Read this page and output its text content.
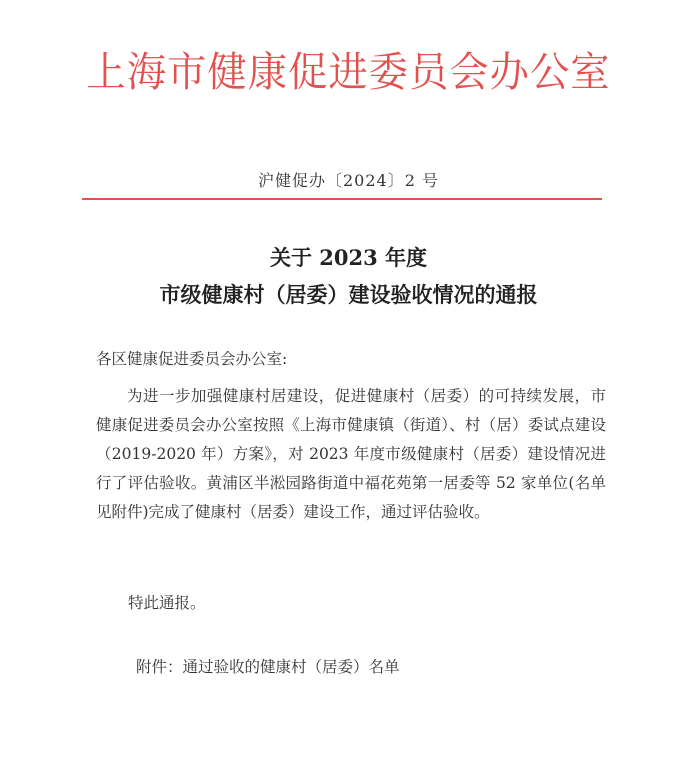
上海市健康促进委员会办公室
沪健促办〔2024〕2 号
关于 2023 年度
市级健康村（居委）建设验收情况的通报
各区健康促进委员会办公室:
为进一步加强健康村居建设，促进健康村（居委）的可持续发展，市健康促进委员会办公室按照《上海市健康镇（街道）、村（居）委试点建设（2019-2020 年）方案》，对 2023 年度市级健康村（居委）建设情况进行了评估验收。黄浦区半淞园路街道中福花苑第一居委等 52 家单位(名单见附件)完成了健康村（居委）建设工作，通过评估验收。
特此通报。
附件：通过验收的健康村（居委）名单
